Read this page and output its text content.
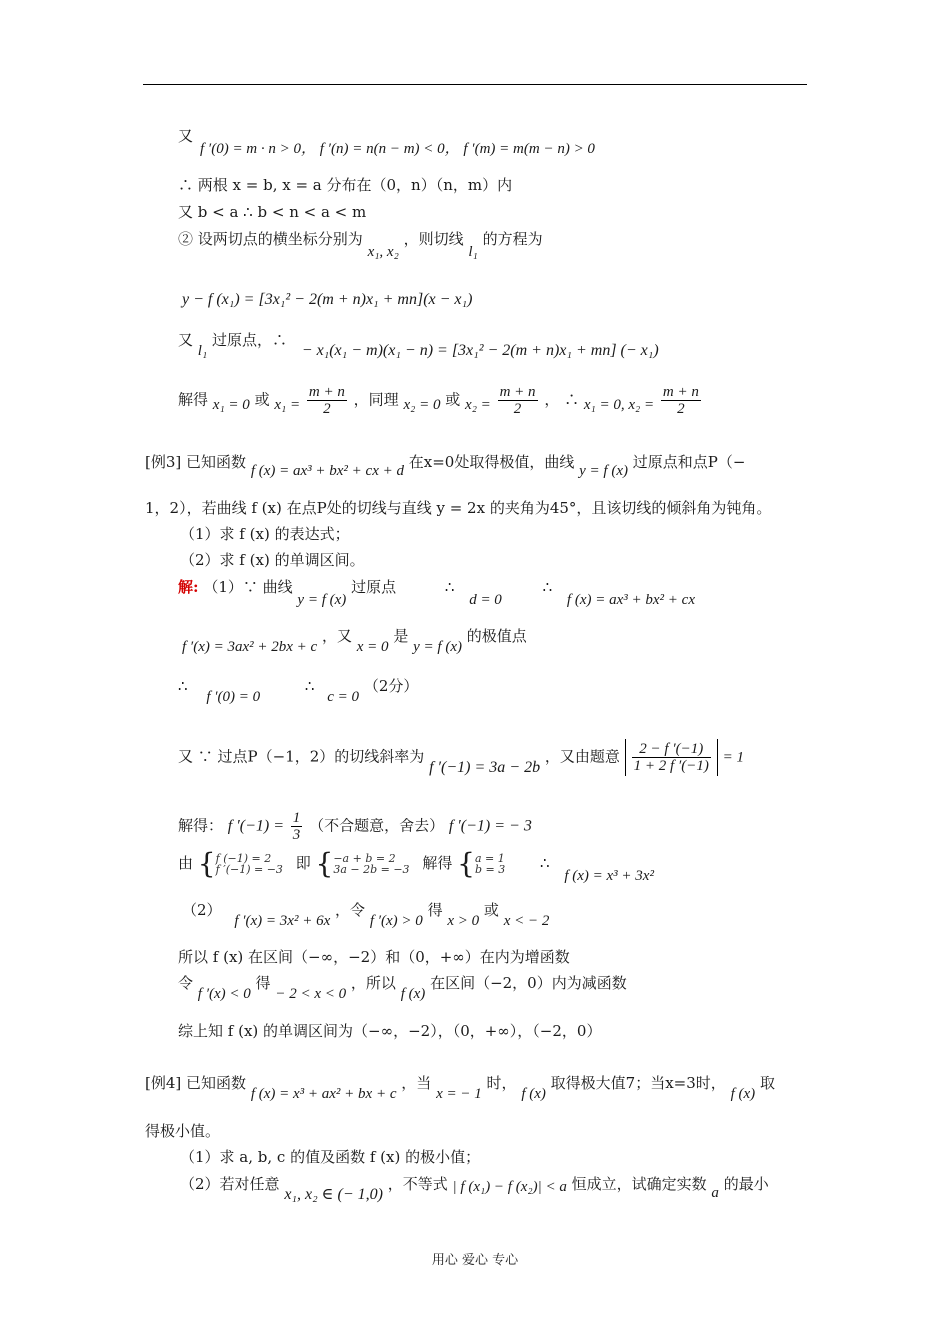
又
f ′(0) = m · n > 0， f ′(n) = n(n − m) < 0， f ′(m) = m(m − n) > 0
∴ 两根 x = b, x = a 分布在（0，n）（n，m）内
又 b < a ∴ b < n < a < m
② 设两切点的横坐标分别为 x₁, x₂ ，则切线 l₁ 的方程为
y − f (x₁) = [3x₁² − 2(m + n)x₁ + mn](x − x₁)
又 l₁ 过原点，∴ − x₁(x₁ − m)(x₁ − n) = [3x₁² − 2(m + n)x₁ + mn] (− x₁)
解得 x₁ = 0 或 $x_1 = \frac{m + n}{2}$ ，同理 x₂ = 0 或 $x_2 = \frac{m + n}{2}$ ， ∴ x₁ = 0, $x_2 = \frac{m + n}{2}$
[例3] 已知函数 f (x) = ax³ + bx² + cx + d 在x=0处取得极值，曲线 y = f (x) 过原点和点P（−
1，2），若曲线 f (x) 在点P处的切线与直线 y = 2x 的夹角为45°，且该切线的倾斜角为钝角。
（1）求 f (x) 的表达式；
（2）求 f (x) 的单调区间。
解: （1）∵ 曲线 y = f (x) 过原点	∴ d = 0 ∴ f (x) = ax³ + bx² + cx
f ′(x) = 3ax² + 2bx + c ，又 x = 0 是 y = f (x) 的极值点
∴ f ′(0) = 0 ∴ c = 0 （2分）
又 ∵ 过点P（−1，2）的切线斜率为 f ′(−1) = 3a − 2b ，又由题意 $\frac{2 - f '(-1)}{1 + 2 f '(-1)} = 1$
解得： f $'(-1) = \frac{1}{3}$ （不合题意，舍去） f ′(−1) = − 3
由 {f (−1) = 2
f ′(−1) = −3 即 {−a + b = 2
3a − 2b = −3 解得 {a = 1
b = 3 ∴ f (x) = x³ + 3x²
（2） f ′(x) = 3x² + 6x ，令 f ′(x) > 0 得 x > 0 或 x < − 2
所以 f (x) 在区间（−∞，−2）和（0，+∞）在内为增函数
令 f ′(x) < 0 得 − 2 < x < 0 ，所以 f (x) 在区间（−2，0）内为减函数
综上知 f (x) 的单调区间为（−∞，−2），（0，+∞），（−2，0）
[例4] 已知函数 f (x) = x³ + ax² + bx + c ，当 x = − 1 时， f (x) 取得极大值7；当x=3时， f (x) 取
得极小值。
（1）求 a, b, c 的值及函数 f (x) 的极小值；
（2）若对任意 x₁, x₂ ∈ (− 1,0) ，不等式 | f (x₁) − f (x₂)| < a 恒成立，试确定实数 a 的最小
用心 爱心 专心
